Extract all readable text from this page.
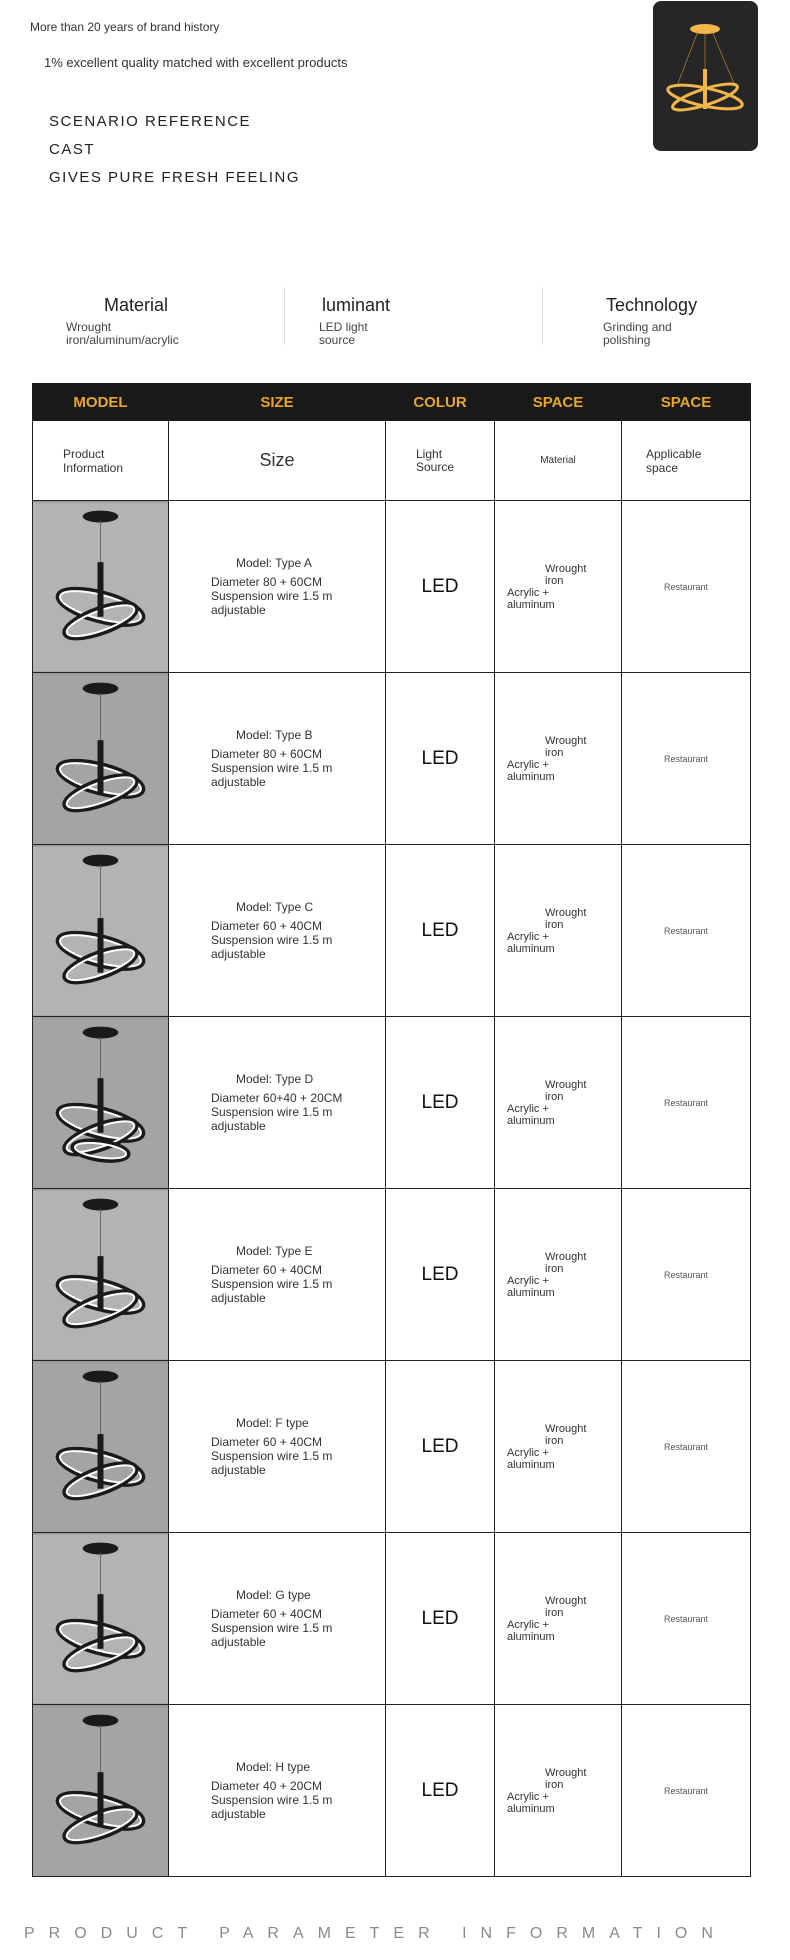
More than 20 years of brand history
1% excellent quality matched with excellent products
SCENARIO REFERENCE
CAST
GIVES PURE FRESH FEELING
Material
Wrought iron/aluminum/acrylic
luminant
LED light source
Technology
Grinding and polishing
MODEL	SIZE	COLUR	SPACE	SPACE

Product Information	Size	Light Source	Material	Applicable space

Model: Type A
Diameter 80 + 60CM
Suspension wire 1.5 m
adjustable	LED	Wrought iron
Acrylic + aluminum	Restaurant

Model: Type B
Diameter 80 + 60CM
Suspension wire 1.5 m
adjustable	LED	Wrought iron
Acrylic + aluminum	Restaurant

Model: Type C
Diameter 60 + 40CM
Suspension wire 1.5 m
adjustable	LED	Wrought iron
Acrylic + aluminum	Restaurant

Model: Type D
Diameter 60+40 + 20CM
Suspension wire 1.5 m
adjustable	LED	Wrought iron
Acrylic + aluminum	Restaurant

Model: Type E
Diameter 60 + 40CM
Suspension wire 1.5 m
adjustable	LED	Wrought iron
Acrylic + aluminum	Restaurant

Model: F type
Diameter 60 + 40CM
Suspension wire 1.5 m
adjustable	LED	Wrought iron
Acrylic + aluminum	Restaurant

Model: G type
Diameter 60 + 40CM
Suspension wire 1.5 m
adjustable	LED	Wrought iron
Acrylic + aluminum	Restaurant

Model: H type
Diameter 40 + 20CM
Suspension wire 1.5 m
adjustable	LED	Wrought iron
Acrylic + aluminum	Restaurant
PRODUCT PARAMETER INFORMATION
